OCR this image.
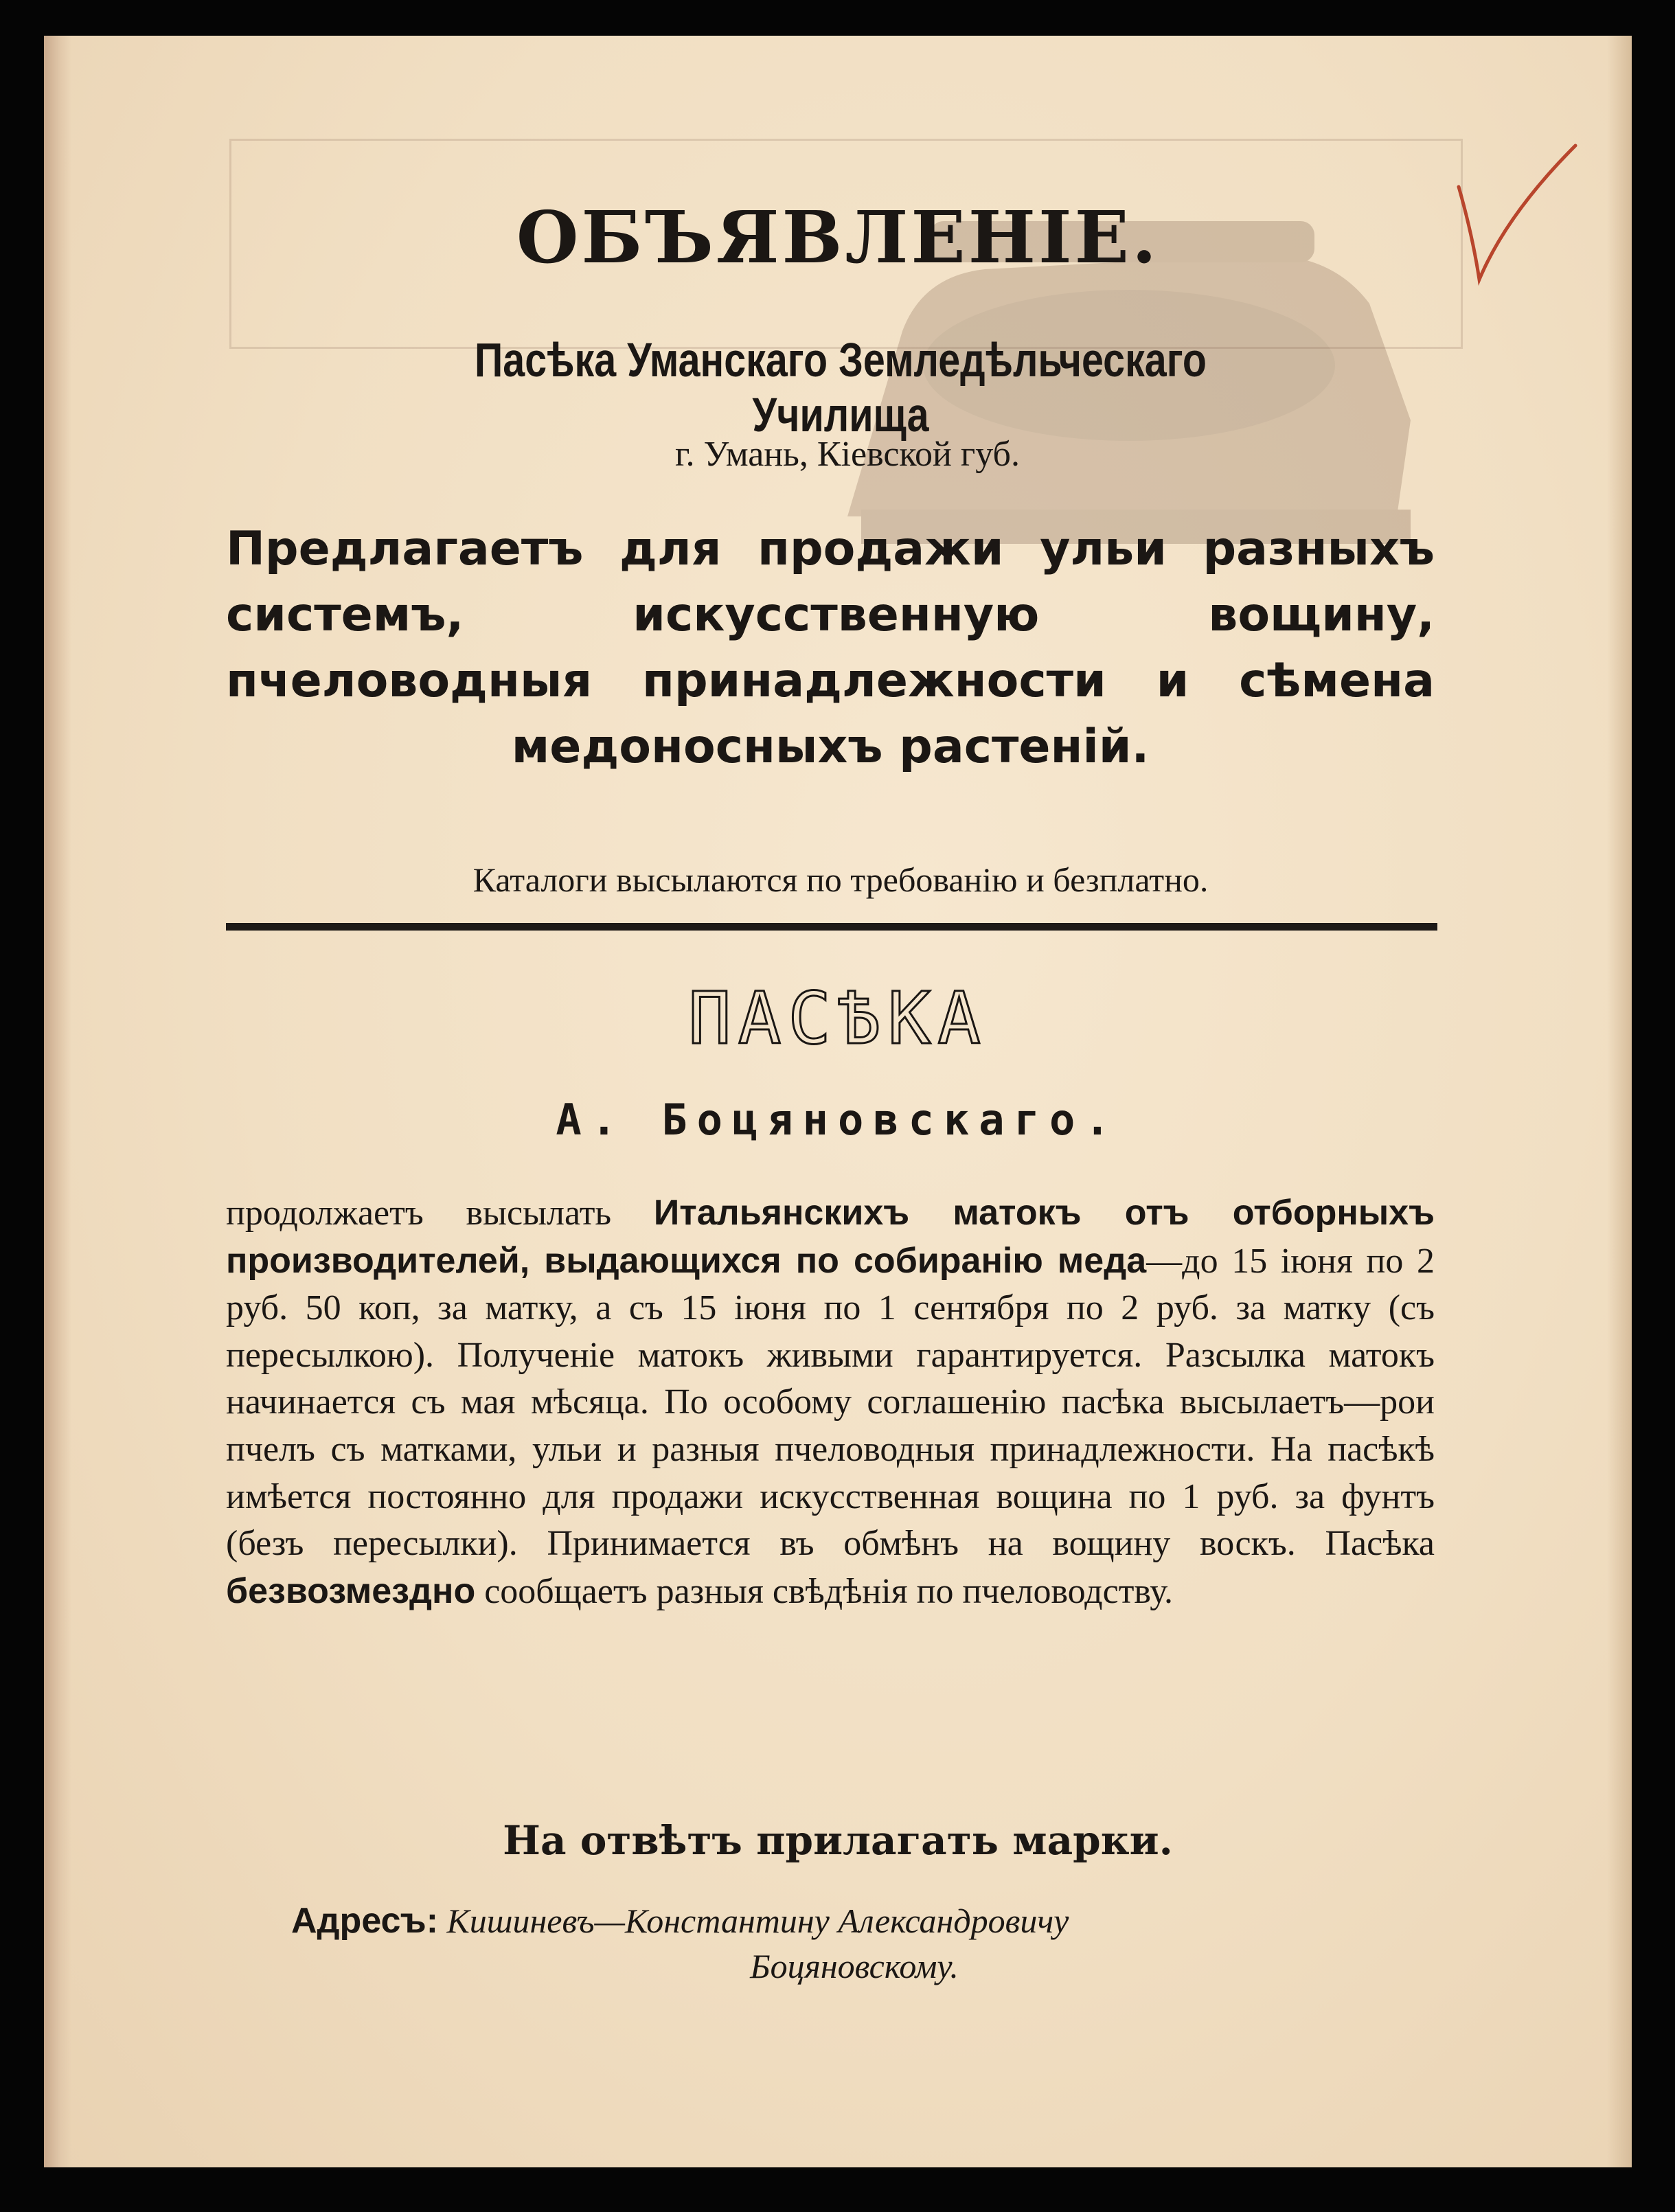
ОБЪЯВЛЕНІЕ.
Пасѣка Уманскаго Земледѣльческаго Училища
г. Умань, Кіевской губ.
Предлагаетъ для продажи ульи разныхъ системъ, искусственную вощину, пчеловодныя принадлежности и сѣмена медоносныхъ растеній.
Каталоги высылаются по требованію и безплатно.
ПАСѢКА
А. Боцяновскаго.
продолжаетъ высылать Итальянскихъ матокъ отъ отборныхъ производителей, выдающихся по собиранію меда—до 15 іюня по 2 руб. 50 коп, за матку, а съ 15 іюня по 1 сентября по 2 руб. за матку (съ пересылкою). Полученіе матокъ живыми гарантируется. Разсылка матокъ начинается съ мая мѣсяца. По особому соглашенію пасѣка высылаетъ—рои пчелъ съ матками, ульи и разныя пчеловодныя принадлежности. На пасѣкѣ имѣется постоянно для продажи искусственная вощина по 1 руб. за фунтъ (безъ пересылки). Принимается въ обмѣнъ на вощину воскъ. Пасѣка безвозмездно сообщаетъ разныя свѣдѣнія по пчеловодству.
На отвѣтъ прилагать марки.
Адресъ: Кишиневъ—Константину Александровичу
Боцяновскому.
